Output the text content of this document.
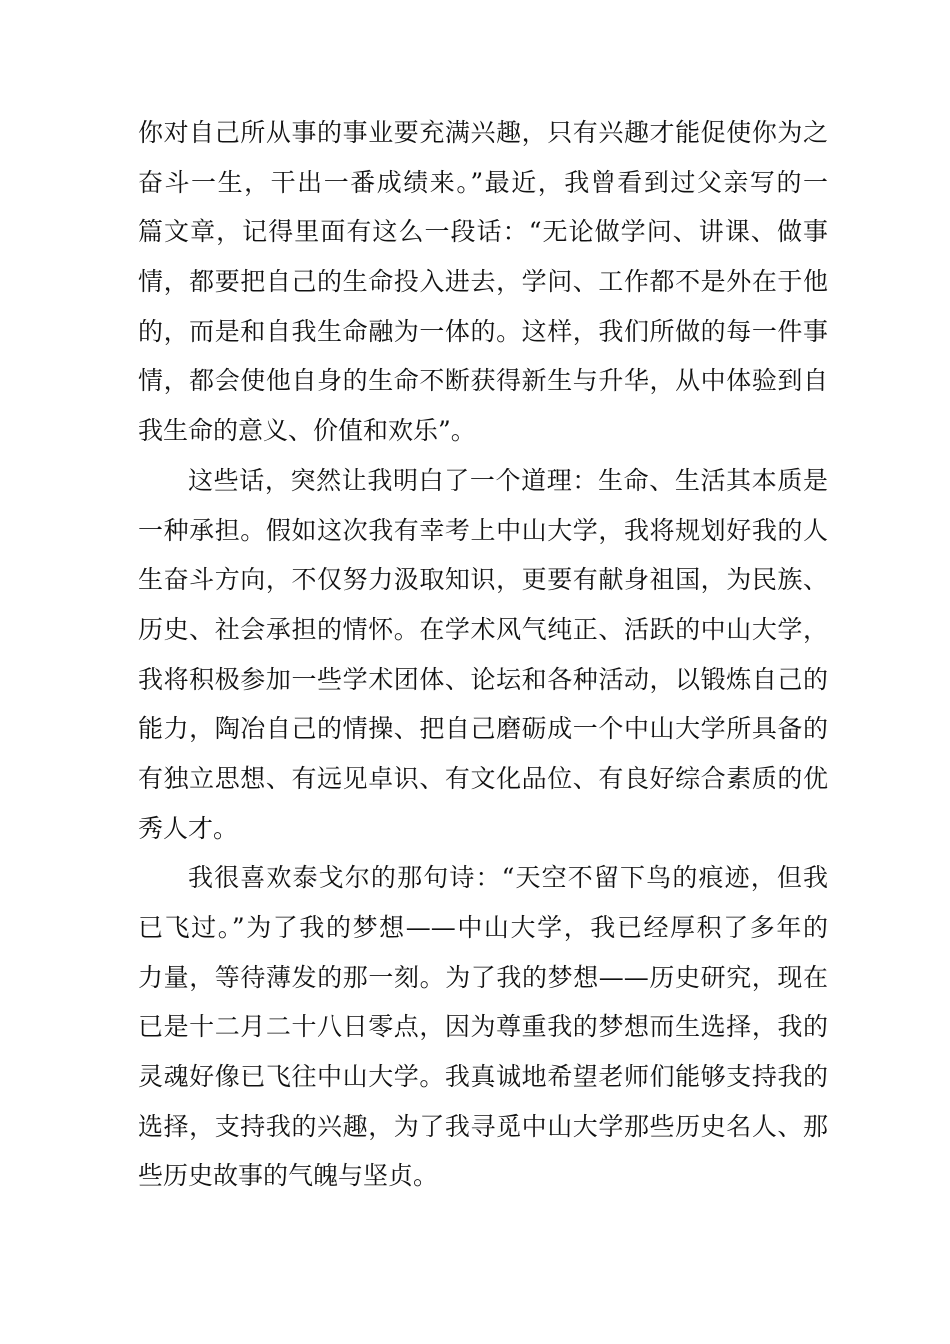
你对自己所从事的事业要充满兴趣，只有兴趣才能促使你为之
奋斗一生，干出一番成绩来。”最近，我曾看到过父亲写的一
篇文章，记得里面有这么一段话：“无论做学问、讲课、做事
情，都要把自己的生命投入进去，学问、工作都不是外在于他
的，而是和自我生命融为一体的。这样，我们所做的每一件事
情，都会使他自身的生命不断获得新生与升华，从中体验到自
我生命的意义、价值和欢乐”。
这些话，突然让我明白了一个道理：生命、生活其本质是
一种承担。假如这次我有幸考上中山大学，我将规划好我的人
生奋斗方向，不仅努力汲取知识，更要有献身祖国，为民族、
历史、社会承担的情怀。在学术风气纯正、活跃的中山大学，
我将积极参加一些学术团体、论坛和各种活动，以锻炼自己的
能力，陶冶自己的情操、把自己磨砺成一个中山大学所具备的
有独立思想、有远见卓识、有文化品位、有良好综合素质的优
秀人才。
我很喜欢泰戈尔的那句诗：“天空不留下鸟的痕迹，但我
已飞过。”为了我的梦想——中山大学，我已经厚积了多年的
力量，等待薄发的那一刻。为了我的梦想——历史研究，现在
已是十二月二十八日零点，因为尊重我的梦想而生选择，我的
灵魂好像已飞往中山大学。我真诚地希望老师们能够支持我的
选择，支持我的兴趣，为了我寻觅中山大学那些历史名人、那
些历史故事的气魄与坚贞。
